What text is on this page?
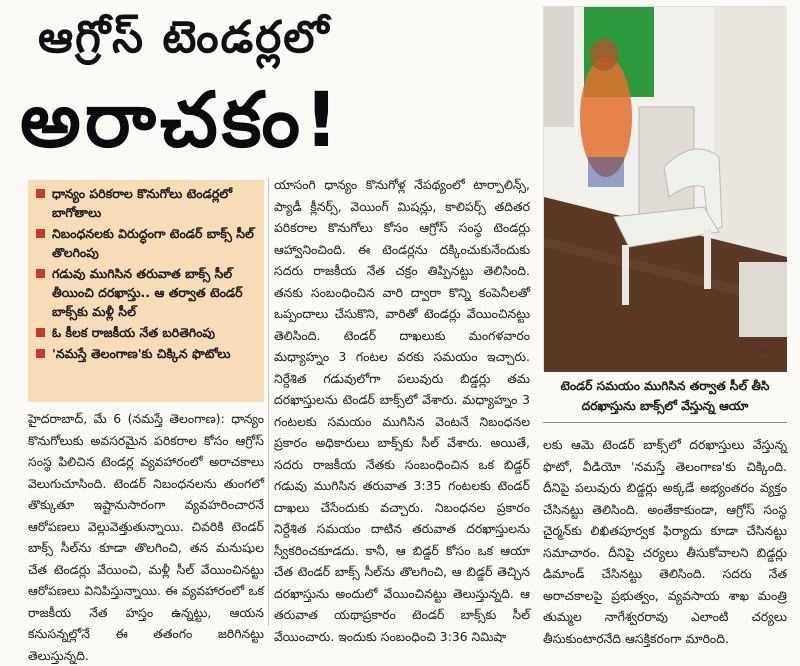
ఆగ్రోస్ టెండర్లలో
అరాచకం!
ధాన్యం పరికరాల కొనుగోలు టెండర్లలో బాగోతాలు
నిబంధనలకు విరుద్ధంగా టెండర్ బాక్స్ సీల్ తొలగింపు
గడువు ముగిసిన తరువాత బాక్స్ సీల్ తీయించి దరఖాస్తు.. ఆ తర్వాత టెండర్ బాక్స్‌కు మళ్లీ సీల్
ఓ కీలక రాజకీయ నేత బరితెగింపు
'నమస్తే తెలంగాణ'కు చిక్కిన ఫొటోలు

హైదరాబాద్, మే 6 (నమస్తే తెలంగాణ): ధాన్యం కొనుగోలుకు అవసరమైన పరికరాల కోసం ఆగ్రోస్ సంస్థ పిలిచిన టెండర్ల వ్యవహారంలో అరాచకాలు వెలుగుచూసింది. టెండర్ నిబంధనలను తుంగలో తొక్కుతూ ఇష్టానుసారంగా వ్యవహరించారనే ఆరోపణలు వెల్లువెత్తుతున్నాయి. చివరికి టెండర్ బాక్స్ సీల్‌ను కూడా తొలగించి, తన మనుషుల చేత టెండర్లు వేయించి, మళ్లీ సీల్ వేయించినట్టు ఆరోపణలు వినిపిస్తున్నాయి. ఈ వ్యవహారంలో ఒక రాజకీయ నేత హస్తం ఉన్నట్టు, ఆయన కనుసన్నల్లోనే ఈ తతంగం జరిగినట్టు తెలుస్తున్నది.

యాసంగి ధాన్యం కొనుగోళ్ల నేపథ్యంలో టార్పాలిన్స్, ప్యాడీ క్లీనర్స్, వెయింగ్ మిషన్లు, కాలిపర్స్ తదితర పరికరాల కొనుగోలు కోసం ఆగ్రోస్ సంస్థ టెండర్లు ఆహ్వానించింది. ఈ టెండర్లను దక్కించుకునేందుకు సదరు రాజకీయ నేత చక్రం తిప్పినట్టు తెలిసింది. తనకు సంబంధించిన వారి ద్వారా కొన్ని కంపెనీలతో ఒప్పందాలు చేసుకొని, వారితో టెండర్లు వేయించినట్టు తెలిసింది. టెండర్ దాఖలుకు మంగళవారం మధ్యాహ్నం 3 గంటల వరకు సమయం ఇచ్చారు. నిర్దేశిత గడువులోగా పలువురు బిడ్డర్లు తమ దరఖాస్తులను టెండర్ బాక్స్‌లో వేశారు. మధ్యాహ్నం 3 గంటలకు సమయం ముగిసిన వెంటనే నిబంధనల ప్రకారం అధికారులు బాక్స్‌కు సీల్ వేశారు. అయితే, సదరు రాజకీయ నేతకు సంబంధించిన ఒక బిడ్డర్ గడువు ముగిసిన తరువాత 3:35 గంటలకు టెండర్ దాఖలు చేసేందుకు వచ్చారు. నిబంధనల ప్రకారం నిర్దేశిత సమయం దాటిన తరువాత దరఖాస్తులను స్వీకరించకూడదు. కానీ, ఆ బిడ్డర్ కోసం ఒక ఆయా చేత టెండర్ బాక్స్ సీల్‌ను తొలగించి, ఆ బిడ్డర్ తెచ్చిన దరఖాస్తును అందులో వేయించినట్టు తెలుస్తున్నది. ఆ తరువాత యథాప్రకారం టెండర్ బాక్స్‌కు సీల్ వేయించారు. ఇందుకు సంబంధించి 3:36 నిమిషా

◎
టెండర్ సమయం ముగిసిన తర్వాత సీల్ తీసి దరఖాస్తును బాక్స్‌లో వేస్తున్న ఆయా

లకు ఆమె టెండర్ బాక్స్‌లో దరఖాస్తులు వేస్తున్న ఫొటో, వీడియో 'నమస్తే తెలంగాణ'కు చిక్కింది. దీనిపై పలువురు బిడ్డర్లు అక్కడే అభ్యంతరం వ్యక్తం చేసినట్టు తెలిసింది. అంతేకాకుండా, ఆగ్రోస్ సంస్థ చైర్మన్‌కు లిఖితపూర్వక ఫిర్యాదు కూడా చేసినట్టు సమాచారం. దీనిపై చర్యలు తీసుకోవాలని బిడ్డర్లు డిమాండ్ చేసినట్టు తెలిసింది. సదరు నేత అరాచకాలపై ప్రభుత్వం, వ్యవసాయ శాఖ మంత్రి తుమ్మల నాగేశ్వరరావు ఎలాంటి చర్యలు తీసుకుంటారనేది ఆసక్తికరంగా మారింది.
